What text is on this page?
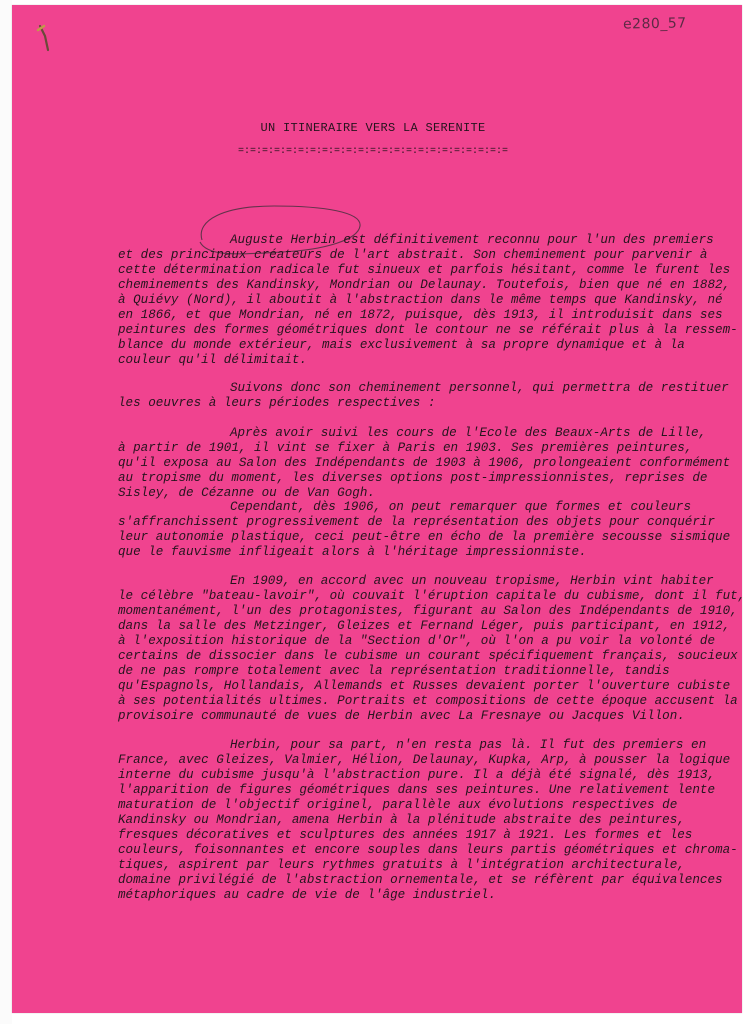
e280_57
UN ITINERAIRE VERS LA SERENITE
=:=:=:=:=:=:=:=:=:=:=:=:=:=:=:=:=:=:=:=:=:=:=
Auguste Herbin est définitivement reconnu pour l'un des premiers
et des principaux créateurs de l'art abstrait. Son cheminement pour parvenir à
cette détermination radicale fut sinueux et parfois hésitant, comme le furent les
cheminements des Kandinsky, Mondrian ou Delaunay. Toutefois, bien que né en 1882,
à Quiévy (Nord), il aboutit à l'abstraction dans le même temps que Kandinsky, né
en 1866, et que Mondrian, né en 1872, puisque, dès 1913, il introduisit dans ses
peintures des formes géométriques dont le contour ne se référait plus à la ressem-
blance du monde extérieur, mais exclusivement à sa propre dynamique et à la
couleur qu'il délimitait.
Suivons donc son cheminement personnel, qui permettra de restituer
les oeuvres à leurs périodes respectives :
Après avoir suivi les cours de l'Ecole des Beaux-Arts de Lille,
à partir de 1901, il vint se fixer à Paris en 1903. Ses premières peintures,
qu'il exposa au Salon des Indépendants de 1903 à 1906, prolongeaient conformément
au tropisme du moment, les diverses options post-impressionnistes, reprises de
Sisley, de Cézanne ou de Van Gogh.
Cependant, dès 1906, on peut remarquer que formes et couleurs
s'affranchissent progressivement de la représentation des objets pour conquérir
leur autonomie plastique, ceci peut-être en écho de la première secousse sismique
que le fauvisme infligeait alors à l'héritage impressionniste.
En 1909, en accord avec un nouveau tropisme, Herbin vint habiter
le célèbre "bateau-lavoir", où couvait l'éruption capitale du cubisme, dont il fut,
momentanément, l'un des protagonistes, figurant au Salon des Indépendants de 1910,
dans la salle des Metzinger, Gleizes et Fernand Léger, puis participant, en 1912,
à l'exposition historique de la "Section d'Or", où l'on a pu voir la volonté de
certains de dissocier dans le cubisme un courant spécifiquement français, soucieux
de ne pas rompre totalement avec la représentation traditionnelle, tandis
qu'Espagnols, Hollandais, Allemands et Russes devaient porter l'ouverture cubiste
à ses potentialités ultimes. Portraits et compositions de cette époque accusent la
provisoire communauté de vues de Herbin avec La Fresnaye ou Jacques Villon.
Herbin, pour sa part, n'en resta pas là. Il fut des premiers en
France, avec Gleizes, Valmier, Hélion, Delaunay, Kupka, Arp, à pousser la logique
interne du cubisme jusqu'à l'abstraction pure. Il a déjà été signalé, dès 1913,
l'apparition de figures géométriques dans ses peintures. Une relativement lente
maturation de l'objectif originel, parallèle aux évolutions respectives de
Kandinsky ou Mondrian, amena Herbin à la plénitude abstraite des peintures,
fresques décoratives et sculptures des années 1917 à 1921. Les formes et les
couleurs, foisonnantes et encore souples dans leurs partis géométriques et chroma-
tiques, aspirent par leurs rythmes gratuits à l'intégration architecturale,
domaine privilégié de l'abstraction ornementale, et se réfèrent par équivalences
métaphoriques au cadre de vie de l'âge industriel.
